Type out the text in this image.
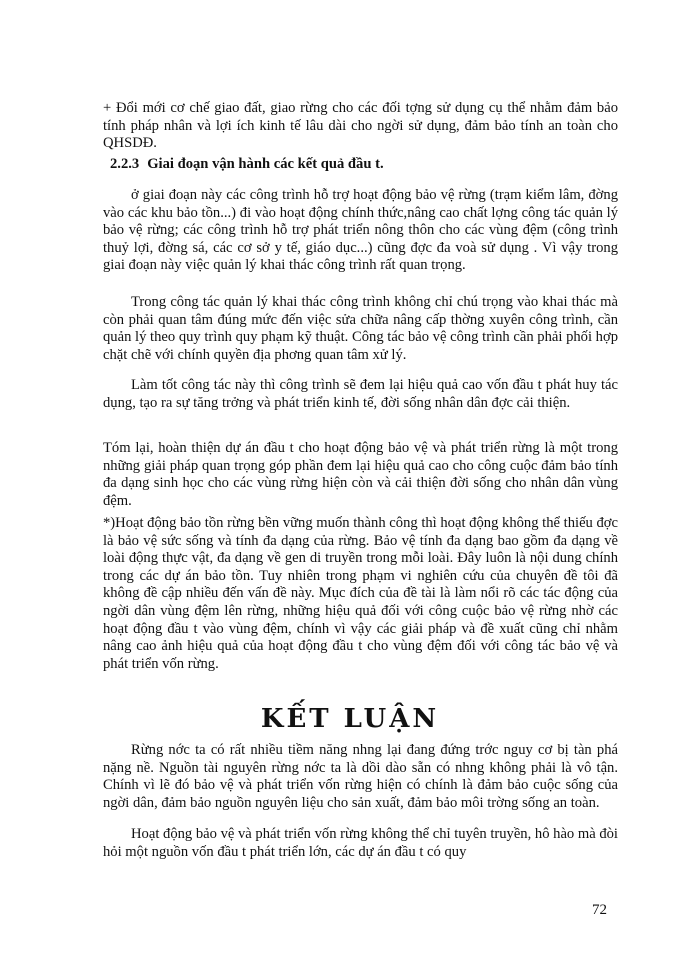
+ Đổi mới cơ chế giao đất, giao rừng cho các đối tợng sử dụng cụ thể nhằm đảm bảo tính pháp nhân và lợi ích kinh tế lâu dài cho ngời sử dụng, đảm bảo tính an toàn cho QHSDĐ.

2.2.3 Giai đoạn vận hành các kết quả đầu t.

ở giai đoạn này các công trình hỗ trợ hoạt động bảo vệ rừng (trạm kiểm lâm, đờng vào các khu bảo tồn...) đi vào hoạt động chính thức,nâng cao chất lợng công tác quản lý bảo vệ rừng; các công trình hỗ trợ phát triển nông thôn cho các vùng đệm (công trình thuỷ lợi, đờng sá, các cơ sở y tế, giáo dục...) cũng đợc đa voà sử dụng . Vì vậy trong giai đoạn này việc quản lý khai thác công trình rất quan trọng.

Trong công tác quản lý khai thác công trình không chỉ chú trọng vào khai thác mà còn phải quan tâm đúng mức đến việc sửa chữa nâng cấp thờng xuyên công trình, cần quản lý theo quy trình quy phạm kỹ thuật. Công tác bảo vệ công trình cần phải phối hợp chặt chẽ với chính quyền địa phơng quan tâm xử lý.

Làm tốt công tác này thì công trình sẽ đem lại hiệu quả cao vốn đầu t phát huy tác dụng, tạo ra sự tăng trởng và phát triển kinh tế, đời sống nhân dân đợc cải thiện.

Tóm lại, hoàn thiện dự án đầu t cho hoạt động bảo vệ và phát triển rừng là một trong những giải pháp quan trọng góp phần đem lại hiệu quả cao cho công cuộc đảm bảo tính đa dạng sinh học cho các vùng rừng hiện còn và cải thiện đời sống cho nhân dân vùng đệm.

*)Hoạt động bảo tồn rừng bền vững muốn thành công thì hoạt động không thể thiếu đợc là bảo vệ sức sống và tính đa dạng của rừng. Bảo vệ tính đa dạng bao gồm đa dạng về loài động thực vật, đa dạng về gen di truyền trong mỗi loài. Đây luôn là nội dung chính trong các dự án bảo tồn. Tuy nhiên trong phạm vi nghiên cứu của chuyên đề tôi đã không đề cập nhiều đến vấn đề này. Mục đích của đề tài là làm nổi rõ các tác động của ngời dân vùng đệm lên rừng, những hiệu quả đối với công cuộc bảo vệ rừng nhờ các hoạt động đầu t vào vùng đệm, chính vì vậy các giải pháp và đề xuất cũng chỉ nhằm nâng cao ảnh hiệu quả của hoạt động đầu t cho vùng đệm đối với công tác bảo vệ và phát triển vốn rừng.

KẾT LUẬN

Rừng nớc ta có rất nhiều tiềm năng nhng lại đang đứng trớc nguy cơ bị tàn phá nặng nề. Nguồn tài nguyên rừng nớc ta là dồi dào sẵn có nhng không phải là vô tận. Chính vì lẽ đó bảo vệ và phát triển vốn rừng hiện có chính là đảm bảo cuộc sống của ngời dân, đảm bảo nguồn nguyên liệu cho sản xuất, đảm bảo môi trờng sống an toàn.

Hoạt động bảo vệ và phát triển vốn rừng không thể chỉ tuyên truyền, hô hào mà đòi hỏi một nguồn vốn đầu t phát triển lớn, các dự án đầu t có quy

72
